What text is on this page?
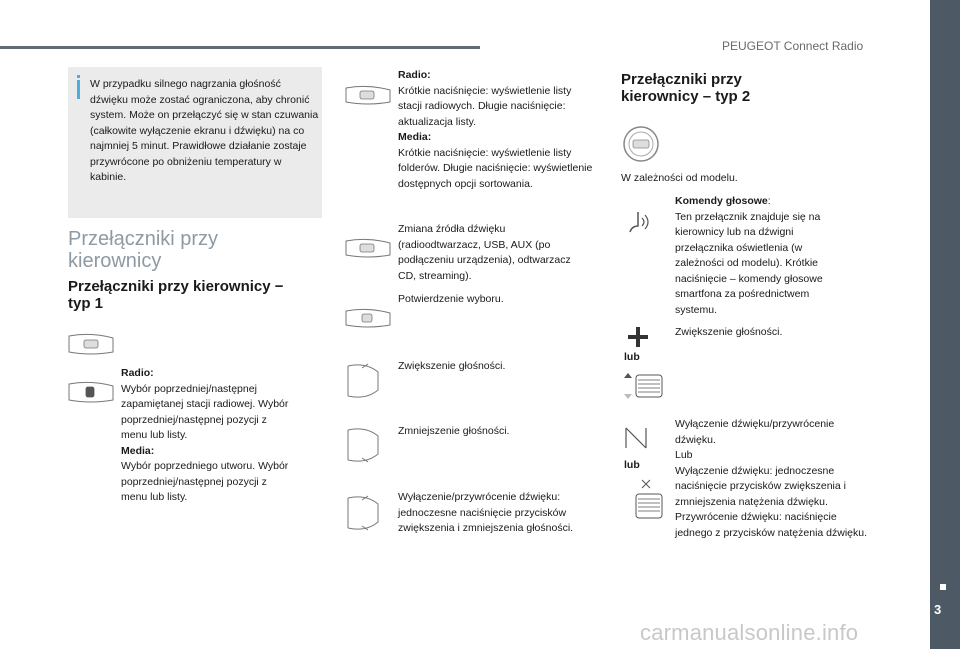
PEUGEOT Connect Radio
3
carmanualsonline.info
W przypadku silnego nagrzania głośność dźwięku może zostać ograniczona, aby chronić system. Może on przełączyć się w stan czuwania (całkowite wyłączenie ekranu i dźwięku) na co najmniej 5 minut. Prawidłowe działanie zostaje przywrócone po obniżeniu temperatury w kabinie.
Przełączniki przy kierownicy
Przełączniki przy kierownicy − typ 1
Radio:
Wybór poprzedniej/następnej zapamiętanej stacji radiowej. Wybór poprzedniej/następnej pozycji z menu lub listy.
Media:
Wybór poprzedniego utworu. Wybór poprzedniej/następnej pozycji z menu lub listy.
Radio:
Krótkie naciśnięcie: wyświetlenie listy stacji radiowych. Długie naciśnięcie: aktualizacja listy.
Media:
Krótkie naciśnięcie: wyświetlenie listy folderów. Długie naciśnięcie: wyświetlenie dostępnych opcji sortowania.
Zmiana źródła dźwięku (radioodtwarzacz, USB, AUX (po podłączeniu urządzenia), odtwarzacz CD, streaming).
Potwierdzenie wyboru.
Zwiększenie głośności.
Zmniejszenie głośności.
Wyłączenie/przywrócenie dźwięku: jednoczesne naciśnięcie przycisków zwiększenia i zmniejszenia głośności.
Przełączniki przy kierownicy – typ 2
W zależności od modelu.
Komendy głosowe:
Ten przełącznik znajduje się na kierownicy lub na dźwigni przełącznika oświetlenia (w zależności od modelu). Krótkie naciśnięcie – komendy głosowe smartfona za pośrednictwem systemu.
Zwiększenie głośności.
lub
Wyłączenie dźwięku/przywrócenie dźwięku.
Lub
Wyłączenie dźwięku: jednoczesne naciśnięcie przycisków zwiększenia i zmniejszenia natężenia dźwięku. Przywrócenie dźwięku: naciśnięcie jednego z przycisków natężenia dźwięku.
lub
